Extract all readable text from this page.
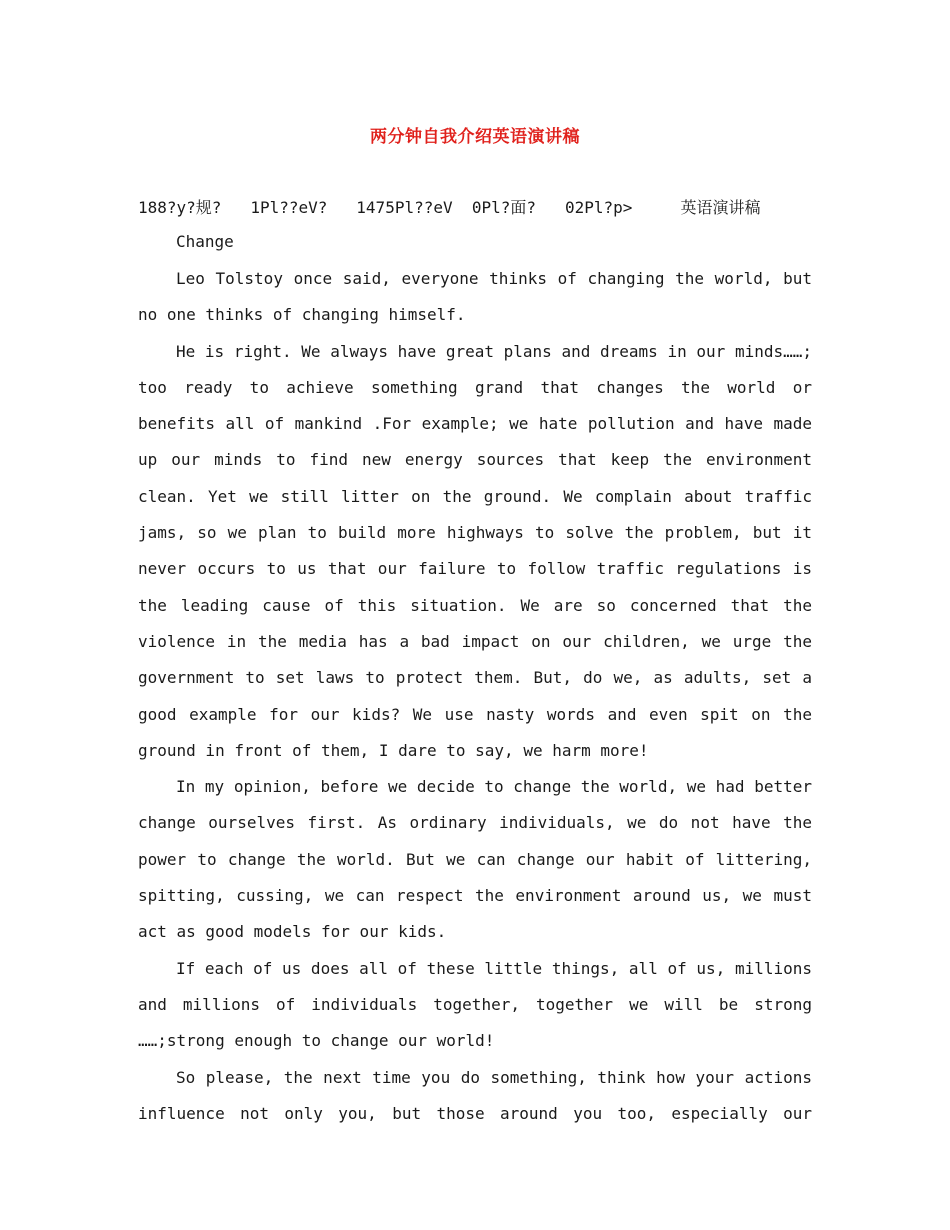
两分钟自我介绍英语演讲稿
188?y?规?   1Pl??eV?   1475Pl??eV  0Pl?面?   02Pl?p>     英语演讲稿

Change

Leo Tolstoy once said, everyone thinks of changing the world, but no one thinks of changing himself.

He is right. We always have great plans and dreams in our minds……; too ready to achieve something grand that changes the world or benefits all of mankind .For example; we hate pollution and have made up our minds to find new energy sources that keep the environment clean. Yet we still litter on the ground. We complain about traffic jams, so we plan to build more highways to solve the problem, but it never occurs to us that our failure to follow traffic regulations is the leading cause of this situation. We are so concerned that the violence in the media has a bad impact on our children, we urge the government to set laws to protect them. But, do we, as adults, set a good example for our kids? We use nasty words and even spit on the ground in front of them, I dare to say, we harm more!

In my opinion, before we decide to change the world, we had better change ourselves first. As ordinary individuals, we do not have the power to change the world. But we can change our habit of littering, spitting, cussing, we can respect the environment around us, we must act as good models for our kids.

If each of us does all of these little things, all of us, millions and millions of individuals together, together we will be strong ……;strong enough to change our world!

So please, the next time you do something, think how your actions influence not only you, but those around you too, especially our
